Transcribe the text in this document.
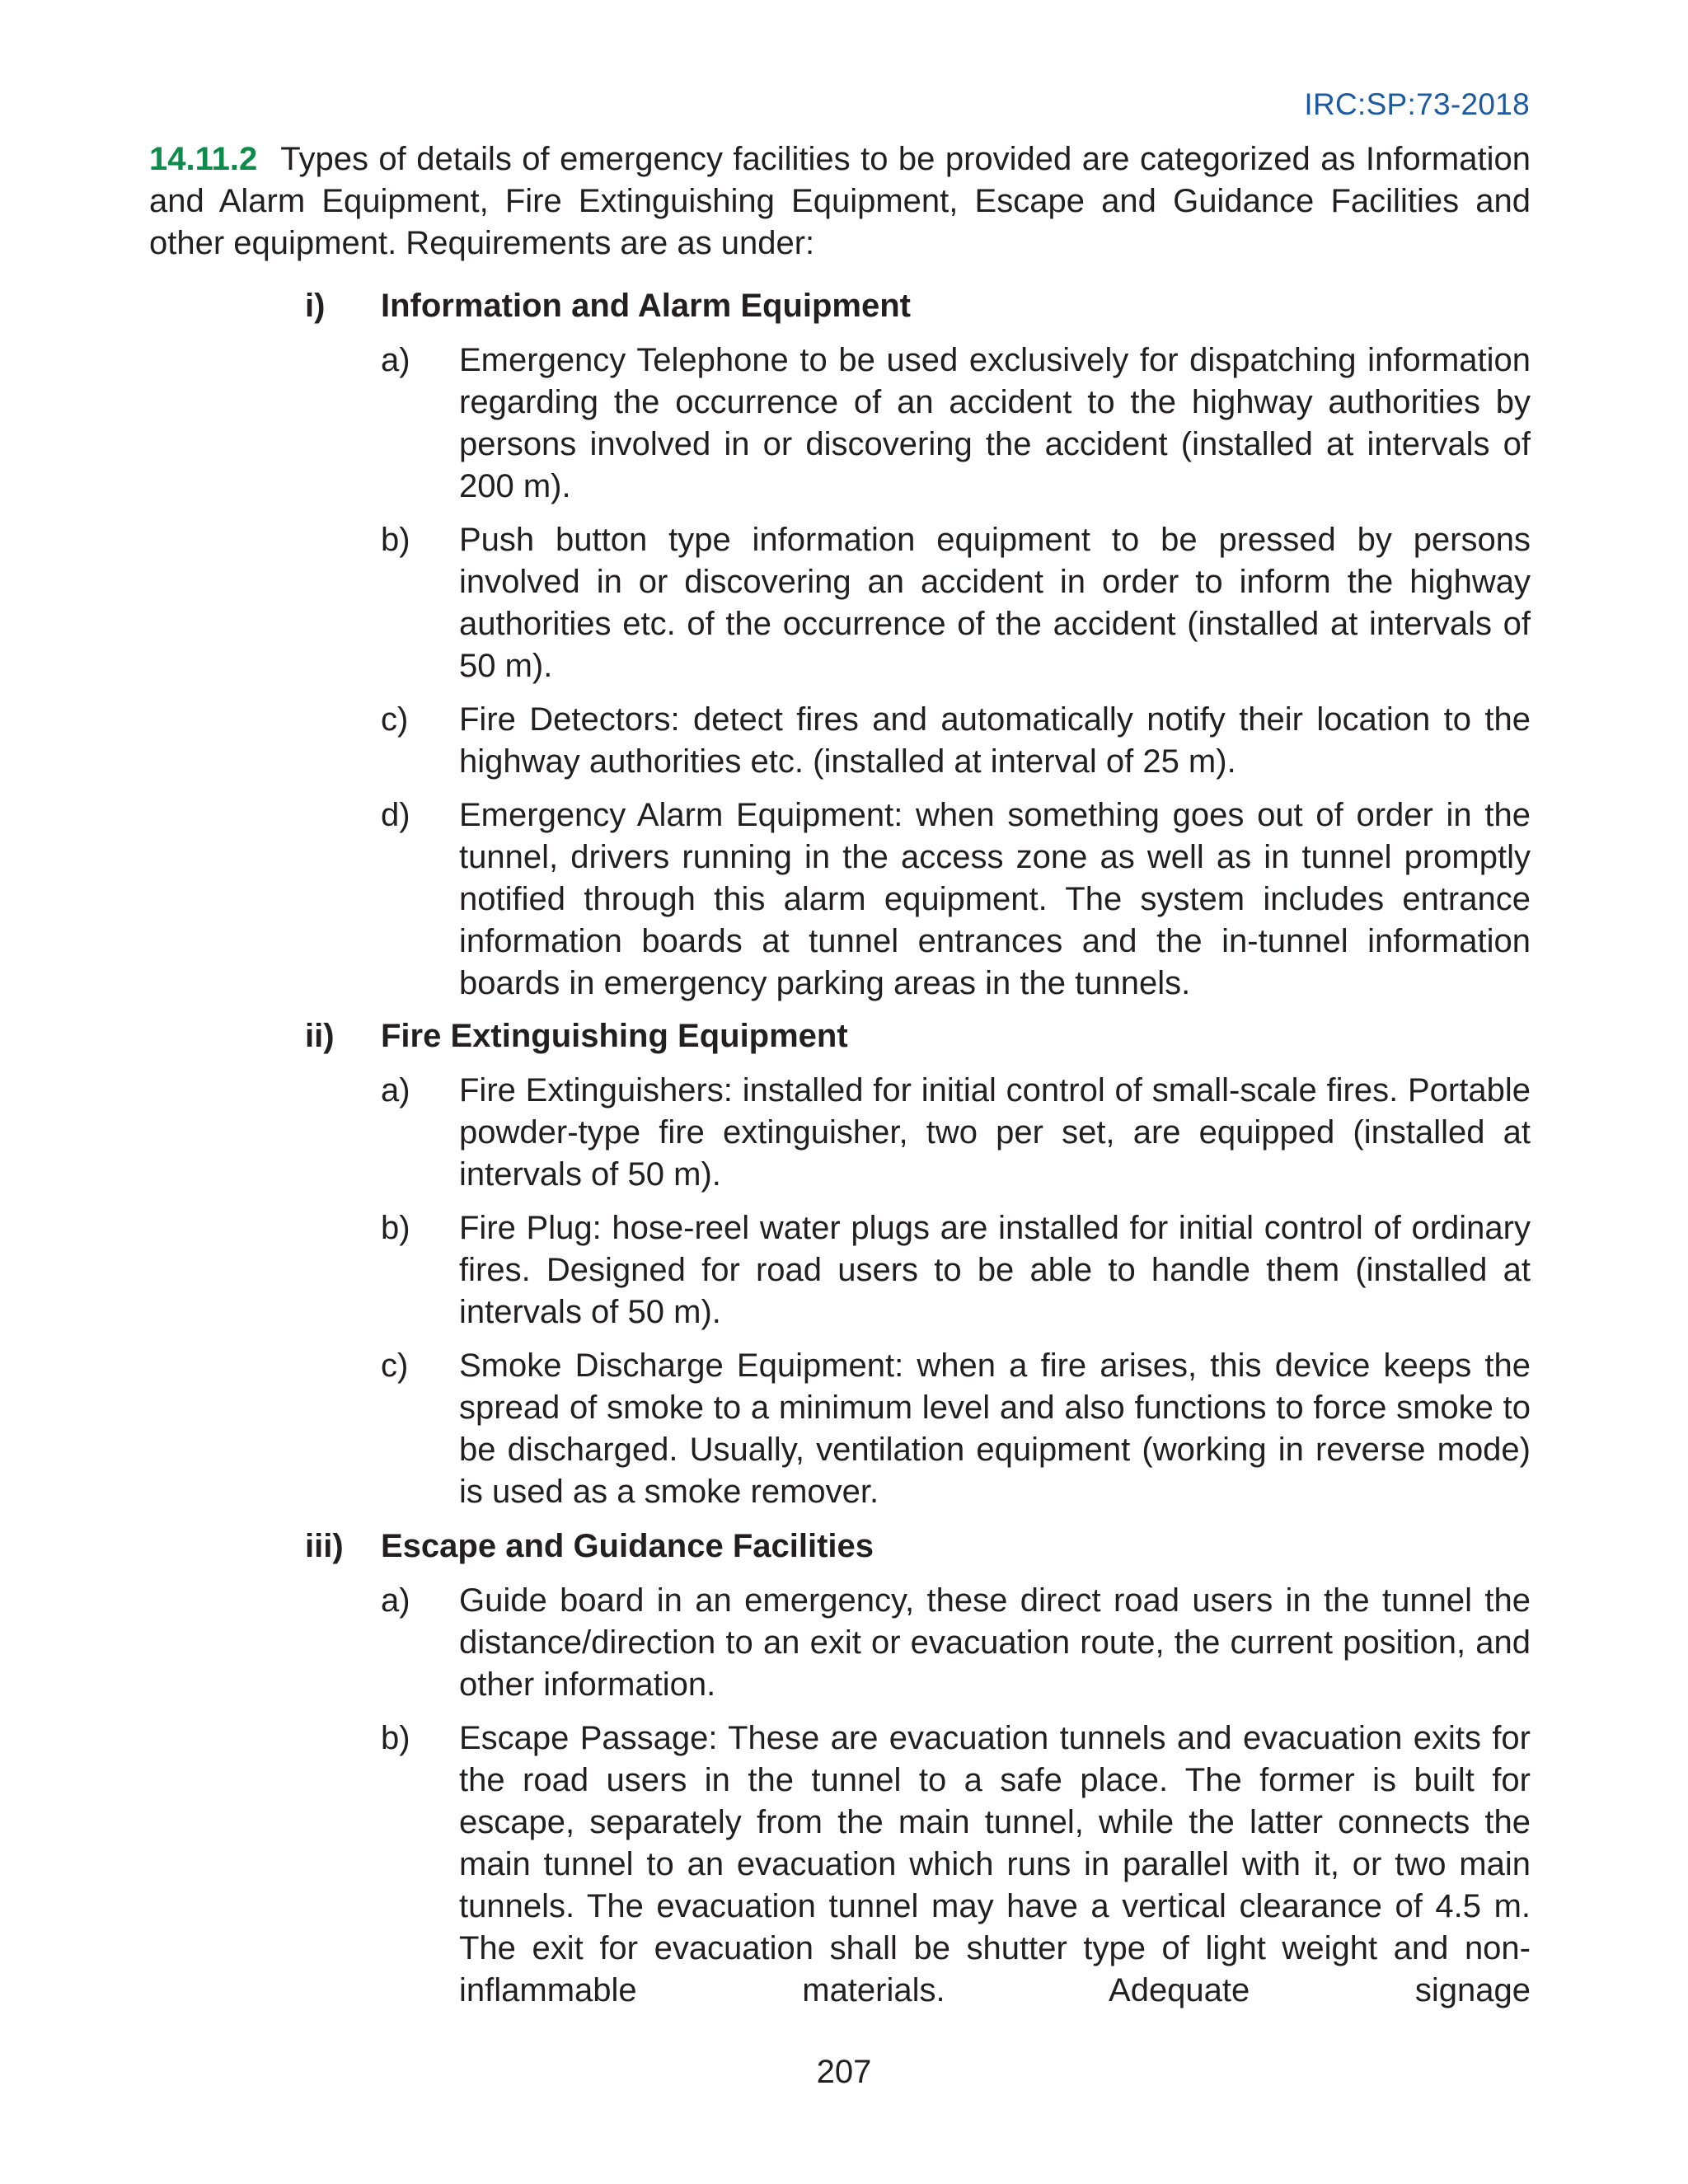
IRC:SP:73-2018
14.11.2 Types of details of emergency facilities to be provided are categorized as Information and Alarm Equipment, Fire Extinguishing Equipment, Escape and Guidance Facilities and other equipment. Requirements are as under:
i) Information and Alarm Equipment
a) Emergency Telephone to be used exclusively for dispatching information regarding the occurrence of an accident to the highway authorities by persons involved in or discovering the accident (installed at intervals of 200 m).
b) Push button type information equipment to be pressed by persons involved in or discovering an accident in order to inform the highway authorities etc. of the occurrence of the accident (installed at intervals of 50 m).
c) Fire Detectors: detect fires and automatically notify their location to the highway authorities etc. (installed at interval of 25 m).
d) Emergency Alarm Equipment: when something goes out of order in the tunnel, drivers running in the access zone as well as in tunnel promptly notified through this alarm equipment. The system includes entrance information boards at tunnel entrances and the in-tunnel information boards in emergency parking areas in the tunnels.
ii) Fire Extinguishing Equipment
a) Fire Extinguishers: installed for initial control of small-scale fires. Portable powder-type fire extinguisher, two per set, are equipped (installed at intervals of 50 m).
b) Fire Plug: hose-reel water plugs are installed for initial control of ordinary fires. Designed for road users to be able to handle them (installed at intervals of 50 m).
c) Smoke Discharge Equipment: when a fire arises, this device keeps the spread of smoke to a minimum level and also functions to force smoke to be discharged. Usually, ventilation equipment (working in reverse mode) is used as a smoke remover.
iii) Escape and Guidance Facilities
a) Guide board in an emergency, these direct road users in the tunnel the distance/direction to an exit or evacuation route, the current position, and other information.
b) Escape Passage: These are evacuation tunnels and evacuation exits for the road users in the tunnel to a safe place. The former is built for escape, separately from the main tunnel, while the latter connects the main tunnel to an evacuation which runs in parallel with it, or two main tunnels. The evacuation tunnel may have a vertical clearance of 4.5 m. The exit for evacuation shall be shutter type of light weight and non- inflammable materials. Adequate signage
207
